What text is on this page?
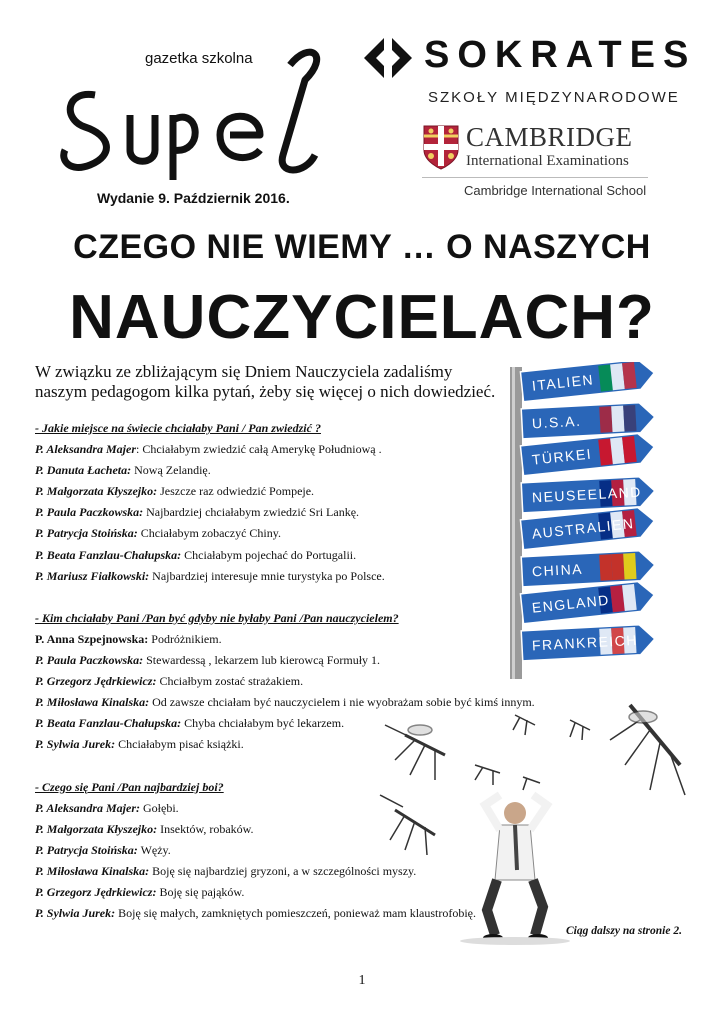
gazetka szkolna
Wydanie 9. Październik 2016.
SOKRATES
SZKOŁY MIĘDZYNARODOWE
CAMBRIDGE
International Examinations
Cambridge International School
CZEGO NIE WIEMY … O NASZYCH
NAUCZYCIELACH?
W związku ze zbliżającym się Dniem Nauczyciela zadaliśmy
naszym pedagogom kilka pytań, żeby się więcej o nich dowiedzieć.
- Jakie miejsce na świecie chciałaby Pani / Pan zwiedzić ?
P. Aleksandra Majer: Chciałabym zwiedzić całą Amerykę Południową .
P. Danuta Łacheta: Nową Zelandię.
P. Małgorzata Kłyszejko: Jeszcze raz odwiedzić Pompeje.
P. Paula Paczkowska: Najbardziej chciałabym zwiedzić Sri Lankę.
P. Patrycja Stoińska: Chciałabym zobaczyć Chiny.
P. Beata Fanzlau-Chałupska: Chciałabym pojechać do Portugalii.
P. Mariusz Fiałkowski: Najbardziej interesuje mnie turystyka po Polsce.
- Kim chciałaby Pani /Pan być gdyby nie byłaby Pani /Pan nauczycielem?
P. Anna Szpejnowska: Podróżnikiem.
P. Paula Paczkowska: Stewardessą , lekarzem lub kierowcą Formuły 1.
P. Grzegorz Jędrkiewicz: Chciałbym zostać strażakiem.
P. Miłosława Kinalska: Od zawsze chciałam być nauczycielem i nie wyobrażam sobie być kimś innym.
P. Beata Fanzlau-Chałupska: Chyba chciałabym być lekarzem.
P. Sylwia Jurek: Chciałabym pisać książki.
- Czego się Pani /Pan najbardziej boi?
P. Aleksandra Majer: Gołębi.
P. Małgorzata Kłyszejko: Insektów, robaków.
P. Patrycja Stoińska: Węży.
P. Miłosława Kinalska: Boję się najbardziej gryzoni, a w szczególności myszy.
P. Grzegorz Jędrkiewicz: Boję się pająków.
P. Sylwia Jurek: Boję się małych, zamkniętych pomieszczeń, ponieważ mam klaustrofobię.
ITALIEN
U.S.A.
TÜRKEI
NEUSEELAND
AUSTRALIEN
CHINA
ENGLAND
FRANKREICH
Ciąg dalszy na stronie 2.
1
